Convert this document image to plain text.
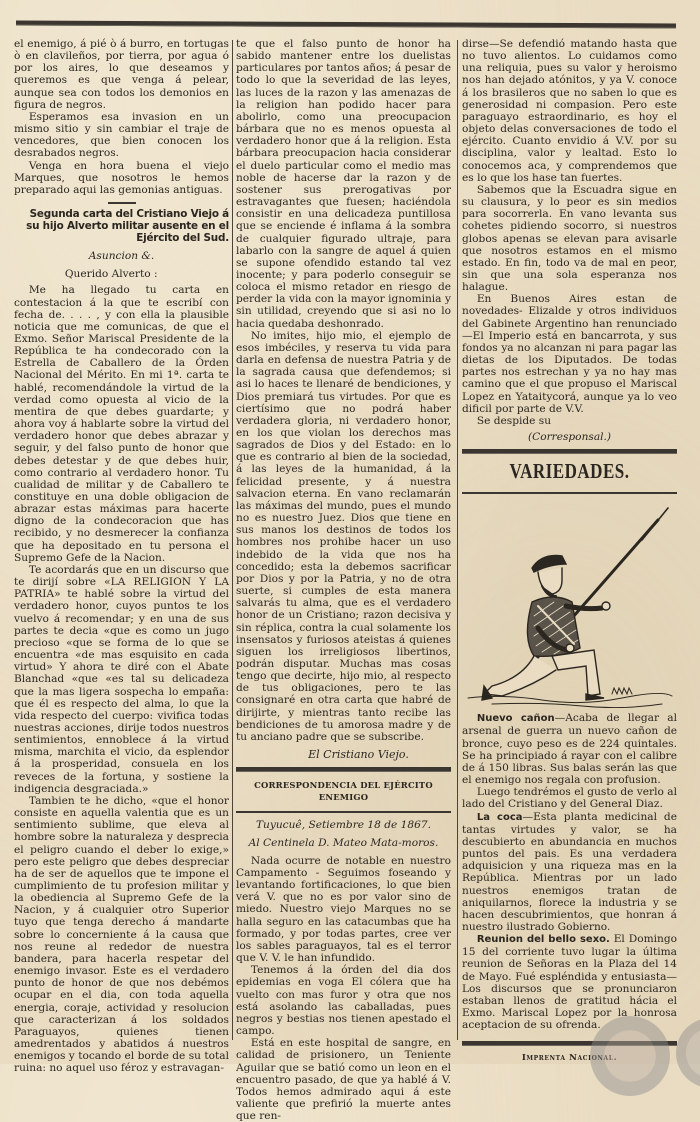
el enemigo, á pié ò á burro, en tortugas ò en clavileños, por tierra, por agua ó por los aires, lo que deseamos y queremos es que venga á pelear, aunque sea con todos los demonios en figura de negros.

Esperamos esa invasion en un mismo sitio y sin cambiar el traje de vencedores, que bien conocen los desrabados negros.

Venga en hora buena el viejo Marques, que nosotros le hemos preparado aqui las gemonias antiguas.

Segunda carta del Cristiano Viejo á su hijo Alverto militar ausente en el Ejército del Sud.

Asuncion &.

Querido Alverto :

Me ha llegado tu carta en contestacion á la que te escribí con fecha de. . . . , y con ella la plausible noticia que me comunicas, de que el Exmo. Señor Mariscal Presidente de la República te ha condecorado con la Estrella de Caballero de la Órden Nacional del Mérito. En mi 1ª. carta te hablé, recomendándole la virtud de la verdad como opuesta al vicio de la mentira de que debes guardarte; y ahora voy á hablarte sobre la virtud del verdadero honor que debes abrazar y seguir, y del falso punto de honor que debes detestar y de que debes huir, como contrario al verdadero honor. Tu cualidad de militar y de Caballero te constituye en una doble obligacion de abrazar estas máximas para hacerte digno de la condecoracion que has recibido, y no desmerecer la confianza que ha depositado en tu persona el Supremo Gefe de la Nacion.

Te acordarás que en un discurso que te dirijí sobre «LA RELIGION Y LA PATRIA» te hablé sobre la virtud del verdadero honor, cuyos puntos te los vuelvo á recomendar; y en una de sus partes te decia «que es como un jugo precioso «que se forma de lo que se encuentra «de mas esquisito en cada virtud» Y ahora te diré con el Abate Blanchad «que «es tal su delicadeza que la mas ligera sospecha lo empaña: que él es respecto del alma, lo que la vida respecto del cuerpo: vivifica todas nuestras acciones, dirije todos nuestros sentimientos, ennoblece á la virtud misma, marchita el vicio, da esplendor á la prosperidad, consuela en los reveces de la fortuna, y sostiene la indigencia desgraciada.»

Tambien te he dicho, «que el honor consiste en aquella valentia que es un sentimiento sublime, que eleva al hombre sobre la naturaleza y desprecia el peligro cuando el deber lo exige,» pero este peligro que debes despreciar ha de ser de aquellos que te impone el cumplimiento de tu profesion militar y la obediencia al Supremo Gefe de la Nacion, y á cualquier otro Superior tuyo que tenga derecho á mandarte sobre lo concerniente á la causa que nos reune al rededor de nuestra bandera, para hacerla respetar del enemigo invasor. Este es el verdadero punto de honor de que nos debémos ocupar en el dia, con toda aquella energia, coraje, actividad y resolucion que caracterizan á los soldados Paraguayos, quienes tienen amedrentados y abatidos á nuestros enemigos y tocando el borde de su total ruina: no aquel uso féroz y estravagan-

te que el falso punto de honor ha sabido mantener entre los duelistas particulares por tantos años; á pesar de todo lo que la severidad de las leyes, las luces de la razon y las amenazas de la religion han podido hacer para abolirlo, como una preocupacion bárbara que no es menos opuesta al verdadero honor que á la religion. Esta bárbara preocupacion hacia considerar el duelo particular como el medio mas noble de hacerse dar la razon y de sostener sus prerogativas por estravagantes que fuesen; haciéndola consistir en una delicadeza puntillosa que se enciende é inflama á la sombra de cualquier figurado ultraje, para labarlo con la sangre de aquel á quien se supone ofendido estando tal vez inocente; y para poderlo conseguir se coloca el mismo retador en riesgo de perder la vida con la mayor ignominia y sin utilidad, creyendo que si asi no lo hacia quedaba deshonrado.

No imites, hijo mio, el ejemplo de esos imbéciles, y reserva tu vida para darla en defensa de nuestra Patria y de la sagrada causa que defendemos; si asi lo haces te llenaré de bendiciones, y Dios premiará tus virtudes. Por que es ciertísimo que no podrá haber verdadera gloria, ni verdadero honor, en los que violan los derechos mas sagrados de Dios y del Estado: en lo que es contrario al bien de la sociedad, á las leyes de la humanidad, á la felicidad presente, y á nuestra salvacion eterna. En vano reclamarán las máximas del mundo, pues el mundo no es nuestro Juez. Dios que tiene en sus manos los destinos de todos los hombres nos prohibe hacer un uso indebido de la vida que nos ha concedido; esta la debemos sacrificar por Dios y por la Patria, y no de otra suerte, si cumples de esta manera salvarás tu alma, que es el verdadero honor de un Cristiano; razon decisiva y sin réplica, contra la cual solamente los insensatos y furiosos ateistas á quienes siguen los irreligiosos libertinos, podrán disputar. Muchas mas cosas tengo que decirte, hijo mio, al respecto de tus obligaciones, pero te las consignaré en otra carta que habré de dirijirte, y mientras tanto recibe las bendiciones de tu amorosa madre y de tu anciano padre que se subscribe.

El Cristiano Viejo.
CORRESPONDENCIA DEL EJÉRCITO ENEMIGO
Tuyucuê, Setiembre 18 de 1867.
Al Centinela D. Mateo Mata-moros.

Nada ocurre de notable en nuestro Campamento - Seguimos foseando y levantando fortificaciones, lo que bien verá V. que no es por valor sino de miedo. Nuestro viejo Marques no se halla seguro en las catacumbas que ha formado, y por todas partes, cree ver los sables paraguayos, tal es el terror que V. V. le han infundido.

Tenemos á la órden del dia dos epidemias en voga El cólera que ha vuelto con mas furor y otra que nos está asolando las caballadas, pues negros y bestias nos tienen apestado el campo.

Está en este hospital de sangre, en calidad de prisionero, un Teniente Aguilar que se batió como un leon en el encuentro pasado, de que ya hablé á V. Todos hemos admirado aqui á este valiente que prefirió la muerte antes que ren-

dirse—Se defendió matando hasta que no tuvo alientos. Lo cuidamos como una reliquia, pues su valor y heroismo nos han dejado atónitos, y ya V. conoce á los brasileros que no saben lo que es generosidad ni compasion. Pero este paraguayo estraordinario, es hoy el objeto delas conversaciones de todo el ejército. Cuanto envidio á V.V. por su disciplina, valor y lealtad. Esto lo conocemos aca, y comprendemos que es lo que los hase tan fuertes.

Sabemos que la Escuadra sigue en su clausura, y lo peor es sin medios para socorrerla. En vano levanta sus cohetes pidiendo socorro, si nuestros globos apenas se elevan para avisarle que nosotros estamos en el mismo estado. En fin, todo va de mal en peor, sin que una sola esperanza nos halague.

En Buenos Aires estan de novedades- Elizalde y otros individuos del Gabinete Argentino han renunciado—El Imperio está en bancarrota, y sus fondos ya no alcanzan ni para pagar las dietas de los Diputados. De todas partes nos estrechan y ya no hay mas camino que el que propuso el Mariscal Lopez en Yataitycorá, aunque ya lo veo dificil por parte de V.V.

Se despide su

(Corresponsal.)
VARIEDADES.

Nuevo cañon—Acaba de llegar al arsenal de guerra un nuevo cañon de bronce, cuyo peso es de 224 quintales. Se ha principiado á rayar con el calibre de á 150 libras. Sus balas serán las que el enemigo nos regala con profusion.

Luego tendrémos el gusto de verlo al lado del Cristiano y del General Diaz.

La coca—Esta planta medicinal de tantas virtudes y valor, se ha descubierto en abundancia en muchos puntos del pais. Es una verdadera adquisicion y una riqueza mas en la República. Mientras por un lado nuestros enemigos tratan de aniquilarnos, florece la industria y se hacen descubrimientos, que honran á nuestro ilustrado Gobierno.

Reunion del bello sexo. El Domingo 15 del corriente tuvo lugar la última reunion de Señoras en la Plaza del 14 de Mayo. Fué espléndida y entusiasta—Los discursos que se pronunciaron estaban llenos de gratitud hácia el Exmo. Mariscal Lopez por la honrosa aceptacion de su ofrenda.

Imprenta Nacional.
